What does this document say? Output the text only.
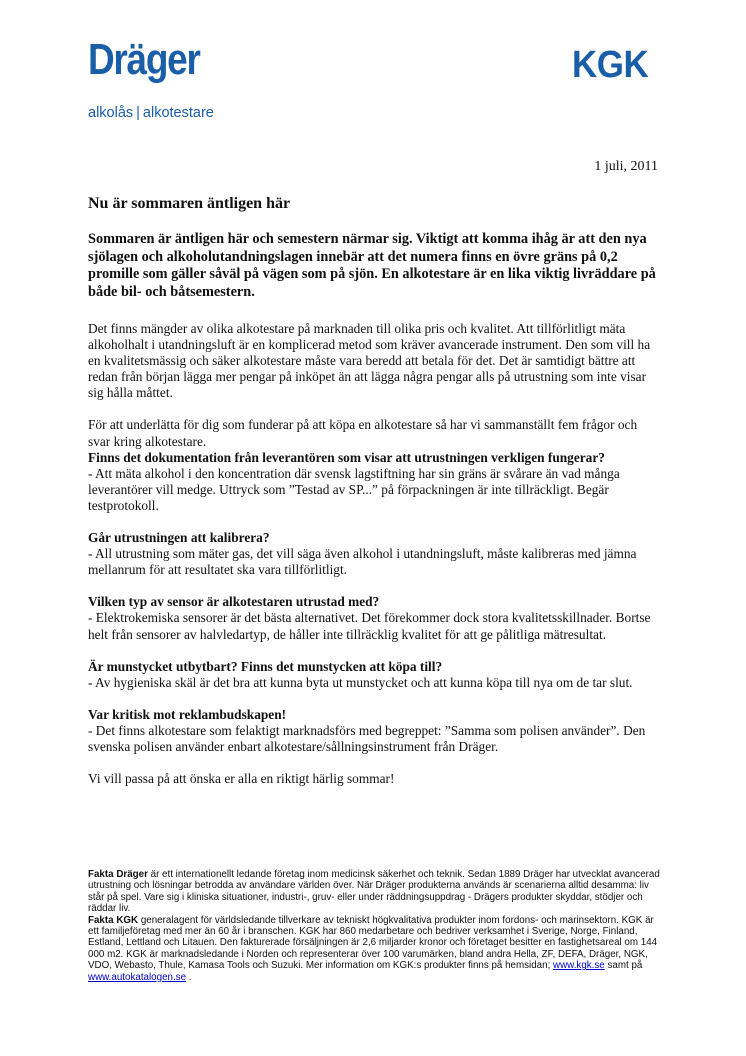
Dräger
alkolås | alkotestare
KGK
1 juli, 2011
Nu är sommaren äntligen här

Sommaren är äntligen här och semestern närmar sig. Viktigt att komma ihåg är att den nya sjölagen och alkoholutandningslagen innebär att det numera finns en övre gräns på 0,2 promille som gäller såväl på vägen som på sjön. En alkotestare är en lika viktig livräddare på både bil- och båtsemestern.

Det finns mängder av olika alkotestare på marknaden till olika pris och kvalitet. Att tillförlitligt mäta alkoholhalt i utandningsluft är en komplicerad metod som kräver avancerade instrument. Den som vill ha en kvalitetsmässig och säker alkotestare måste vara beredd att betala för det. Det är samtidigt bättre att redan från början lägga mer pengar på inköpet än att lägga några pengar alls på utrustning som inte visar sig hålla måttet.

För att underlätta för dig som funderar på att köpa en alkotestare så har vi sammanställt fem frågor och svar kring alkotestare.
Finns det dokumentation från leverantören som visar att utrustningen verkligen fungerar?
- Att mäta alkohol i den koncentration där svensk lagstiftning har sin gräns är svårare än vad många leverantörer vill medge. Uttryck som ”Testad av SP...” på förpackningen är inte tillräckligt. Begär testprotokoll.
Går utrustningen att kalibrera?
- All utrustning som mäter gas, det vill säga även alkohol i utandningsluft, måste kalibreras med jämna mellanrum för att resultatet ska vara tillförlitligt.
Vilken typ av sensor är alkotestaren utrustad med?
- Elektrokemiska sensorer är det bästa alternativet. Det förekommer dock stora kvalitetsskillnader. Bortse helt från sensorer av halvledartyp, de håller inte tillräcklig kvalitet för att ge pålitliga mätresultat.
Är munstycket utbytbart? Finns det munstycken att köpa till?
- Av hygieniska skäl är det bra att kunna byta ut munstycket och att kunna köpa till nya om de tar slut.
Var kritisk mot reklambudskapen!
- Det finns alkotestare som felaktigt marknadsförs med begreppet: ”Samma som polisen använder”. Den svenska polisen använder enbart alkotestare/sållningsinstrument från Dräger.

Vi vill passa på att önska er alla en riktigt härlig sommar!

Fakta Dräger är ett internationellt ledande företag inom medicinsk säkerhet och teknik. Sedan 1889 Dräger har utvecklat avancerad utrustning och lösningar betrodda av användare världen över. När Dräger produkterna används är scenarierna alltid desamma: liv står på spel. Vare sig i kliniska situationer, industri-, gruv- eller under räddningsuppdrag - Drägers produkter skyddar, stödjer och räddar liv.

Fakta KGK generalagent för världsledande tillverkare av tekniskt högkvalitativa produkter inom fordons- och marinsektorn. KGK är ett familjeföretag med mer än 60 år i branschen. KGK har 860 medarbetare och bedriver verksamhet i Sverige, Norge, Finland, Estland, Lettland och Litauen. Den fakturerade försäljningen är 2,6 miljarder kronor och företaget besitter en fastighetsareal om 144 000 m2. KGK är marknadsledande i Norden och representerar över 100 varumärken, bland andra Hella, ZF, DEFA, Dräger, NGK, VDO, Webasto, Thule, Kamasa Tools och Suzuki. Mer information om KGK:s produkter finns på hemsidan; www.kgk.se samt på www.autokatalogen.se .
